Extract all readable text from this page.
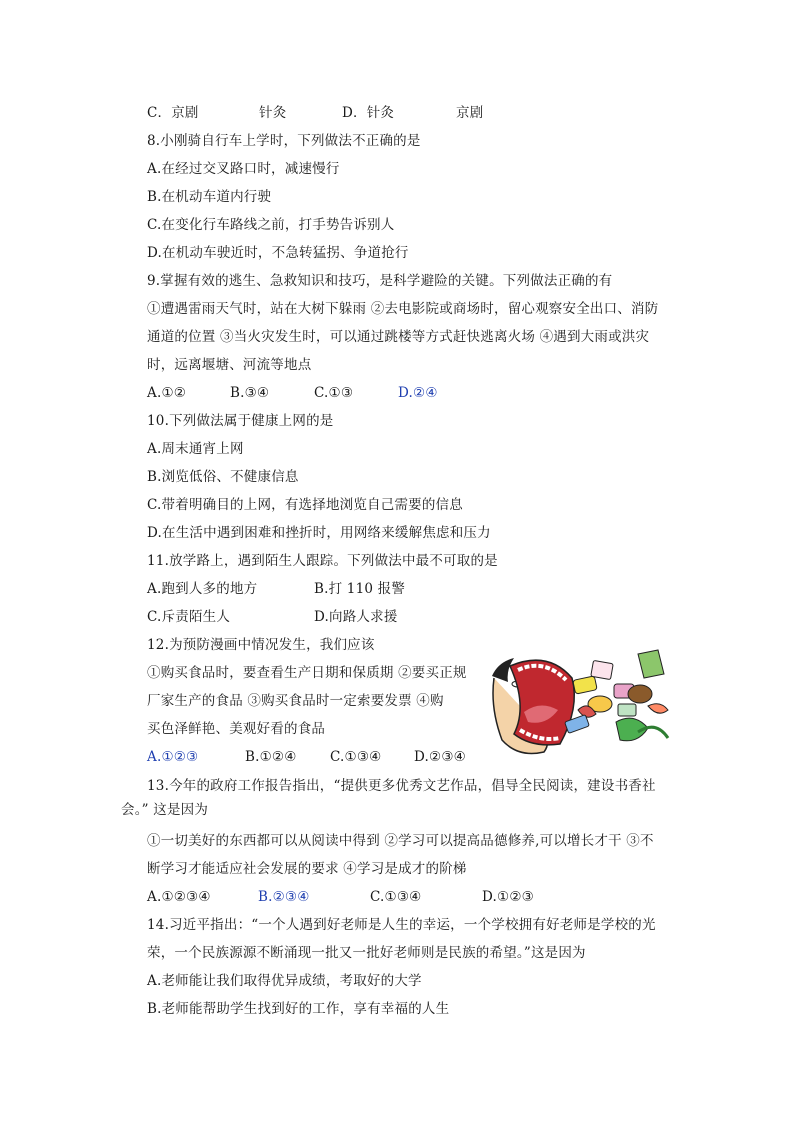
C．京剧	针灸	D．针灸	京剧
8.小刚骑自行车上学时，下列做法不正确的是
A.在经过交叉路口时，减速慢行
B.在机动车道内行驶
C.在变化行车路线之前，打手势告诉别人
D.在机动车驶近时，不急转猛拐、争道抢行
9.掌握有效的逃生、急救知识和技巧，是科学避险的关键。下列做法正确的有
①遭遇雷雨天气时，站在大树下躲雨 ②去电影院或商场时，留心观察安全出口、消防
通道的位置 ③当火灾发生时，可以通过跳楼等方式赶快逃离火场 ④遇到大雨或洪灾
时，远离堰塘、河流等地点
A.①②	B.③④	C.①③	D.②④
10.下列做法属于健康上网的是
A.周末通宵上网
B.浏览低俗、不健康信息
C.带着明确目的上网，有选择地浏览自己需要的信息
D.在生活中遇到困难和挫折时，用网络来缓解焦虑和压力
11.放学路上，遇到陌生人跟踪。下列做法中最不可取的是
A.跑到人多的地方	B.打 110 报警
C.斥责陌生人	D.向路人求援
12.为预防漫画中情况发生，我们应该
①购买食品时，要查看生产日期和保质期 ②要买正规
厂家生产的食品 ③购买食品时一定索要发票 ④购
买色泽鲜艳、美观好看的食品
A.①②③	B.①②④ C.①③④ D.②③④
13.今年的政府工作报告指出，“提供更多优秀文艺作品，倡导全民阅读，建设书香社
会。” 这是因为
①一切美好的东西都可以从阅读中得到 ②学习可以提高品德修养,可以增长才干 ③不
断学习才能适应社会发展的要求 ④学习是成才的阶梯
A.①②③④	B.②③④	C.①③④	D.①②③
14.习近平指出：“一个人遇到好老师是人生的幸运，一个学校拥有好老师是学校的光
荣，一个民族源源不断涌现一批又一批好老师则是民族的希望。”这是因为
A.老师能让我们取得优异成绩，考取好的大学
B.老师能帮助学生找到好的工作，享有幸福的人生
